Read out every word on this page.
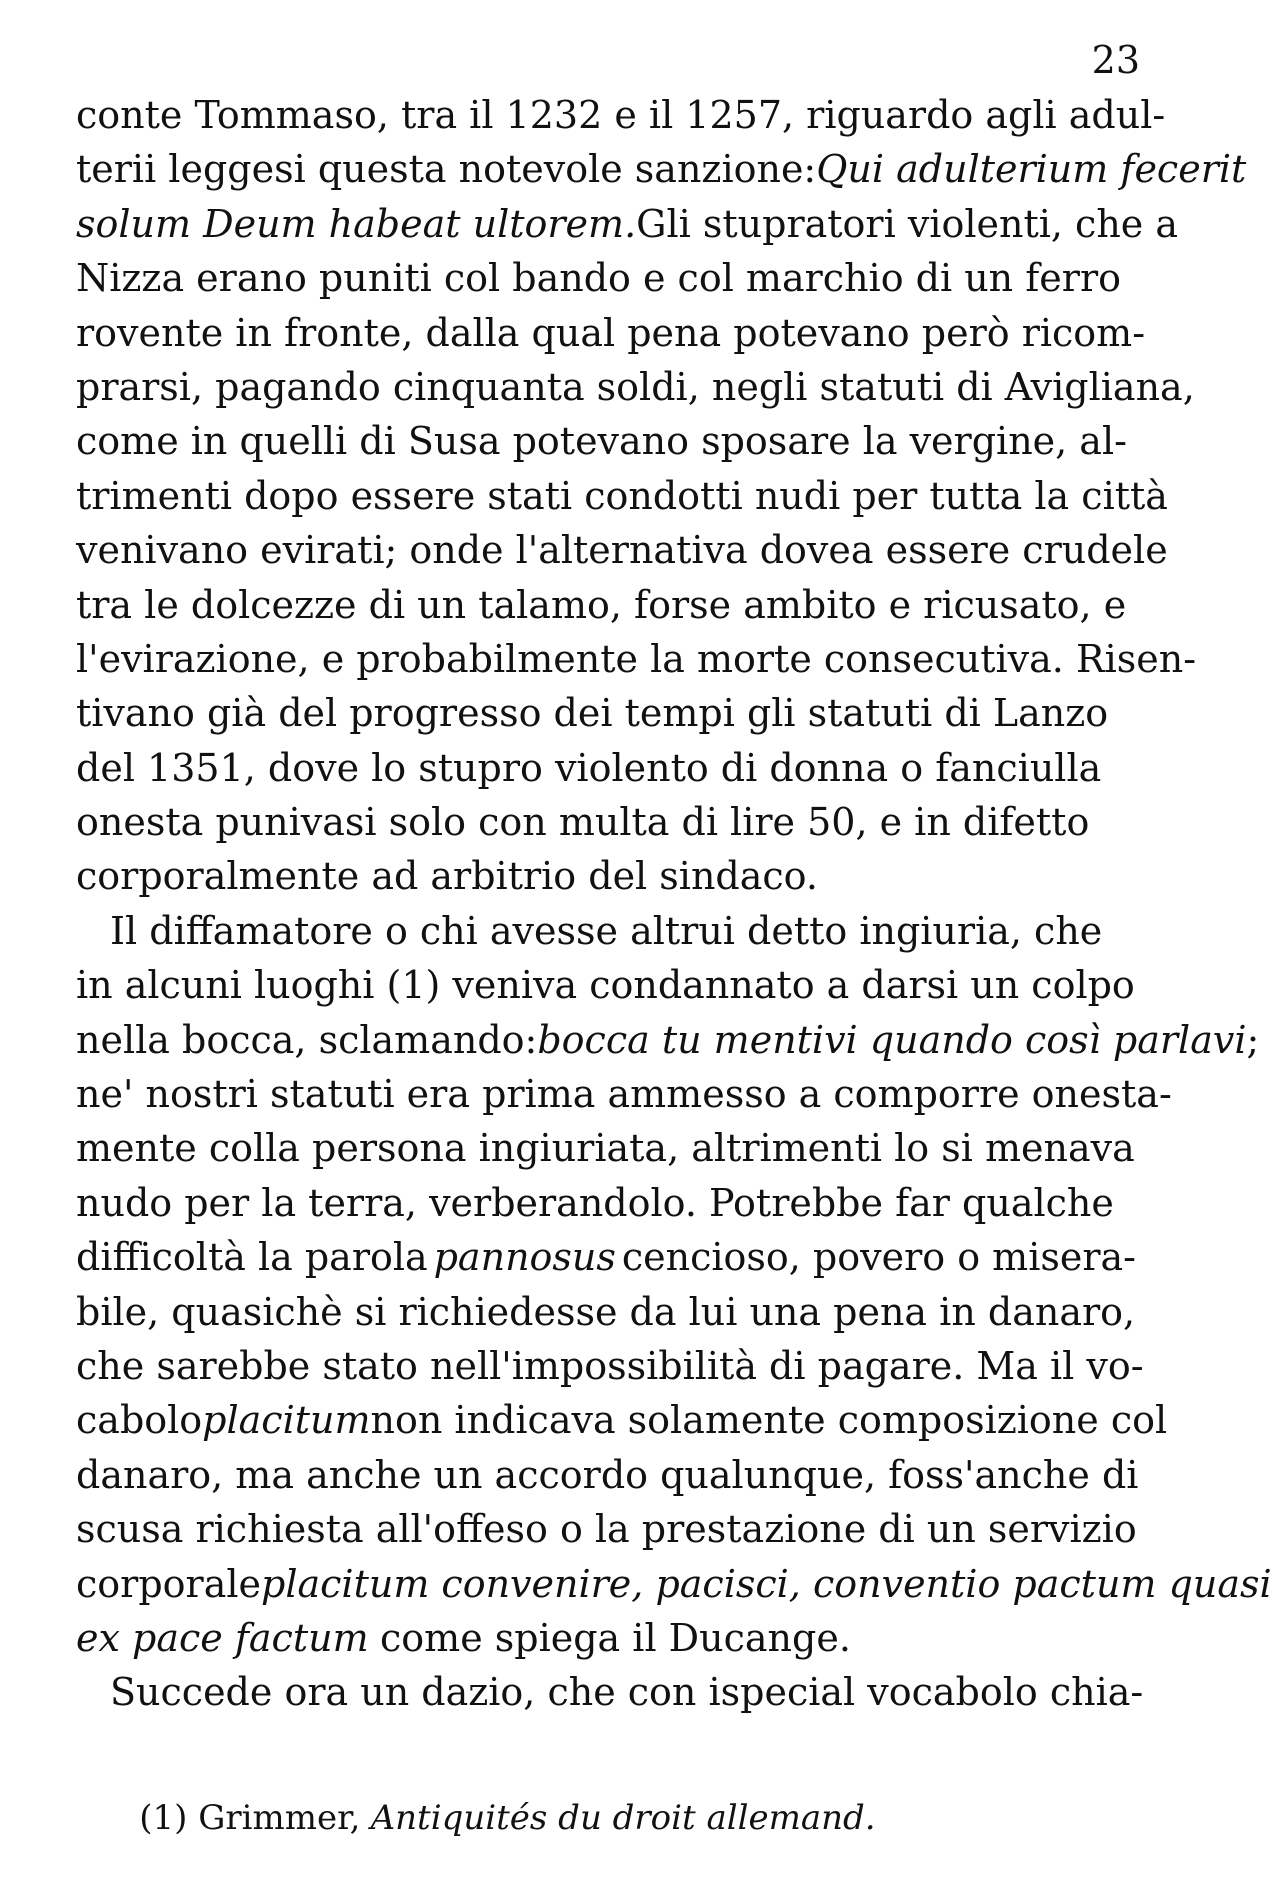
23
conte Tommaso, tra il 1232 e il 1257, riguardo agli adul-
terii leggesi questa notevole sanzione: Qui adulterium fecerit
solum Deum habeat ultorem. Gli stupratori violenti, che a
Nizza erano puniti col bando e col marchio di un ferro
rovente in fronte, dalla qual pena potevano però ricom-
prarsi, pagando cinquanta soldi, negli statuti di Avigliana,
come in quelli di Susa potevano sposare la vergine, al-
trimenti dopo essere stati condotti nudi per tutta la città
venivano evirati; onde l'alternativa dovea essere crudele
tra le dolcezze di un talamo, forse ambito e ricusato, e
l'evirazione, e probabilmente la morte consecutiva. Risen-
tivano già del progresso dei tempi gli statuti di Lanzo
del 1351, dove lo stupro violento di donna o fanciulla
onesta punivasi solo con multa di lire 50, e in difetto
corporalmente ad arbitrio del sindaco.
Il diffamatore o chi avesse altrui detto ingiuria, che
in alcuni luoghi (1) veniva condannato a darsi un colpo
nella bocca, sclamando: bocca tu mentivi quando così parlavi ;
ne' nostri statuti era prima ammesso a comporre onesta-
mente colla persona ingiuriata, altrimenti lo si menava
nudo per la terra, verberandolo. Potrebbe far qualche
difficoltà la parola pannosus cencioso, povero o misera-
bile, quasichè si richiedesse da lui una pena in danaro,
che sarebbe stato nell'impossibilità di pagare. Ma il vo-
cabolo placitum non indicava solamente composizione col
danaro, ma anche un accordo qualunque, foss'anche di
scusa richiesta all'offeso o la prestazione di un servizio
corporale placitum convenire, pacisci, conventio pactum quasi
ex pace factum come spiega il Ducange.
Succede ora un dazio, che con ispecial vocabolo chia-

(1) Grimmer, Antiquités du droit allemand.
